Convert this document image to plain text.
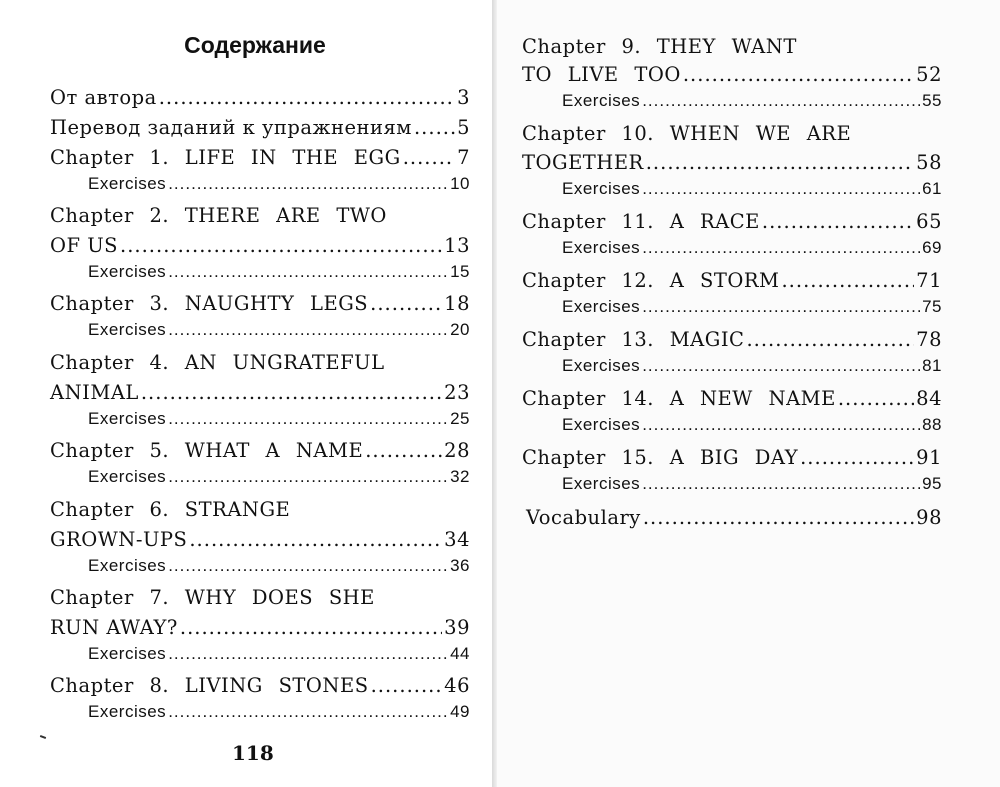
Содержание
От автора .....	3
Перевод заданий к упражнениям ..... 5
Chapter 1. LIFE IN THE EGG .....	7
Exercises .....	10
Chapter 2. THERE ARE TWO
OF US .....	13
Exercises .....	15
Chapter 3. NAUGHTY LEGS .....	18
Exercises .....	20
Chapter 4. AN UNGRATEFUL
ANIMAL .....	23
Exercises .....	25
Chapter 5. WHAT A NAME .....	28
Exercises .....	32
Chapter 6. STRANGE
GROWN-UPS .....	34
Exercises .....	36
Chapter 7. WHY DOES SHE
RUN AWAY? .....	39
Exercises .....	44
Chapter 8. LIVING STONES .....	46
Exercises .....	49
118
Chapter 9. THEY WANT
TO LIVE TOO .....	52
Exercises .....	55
Chapter 10. WHEN WE ARE
TOGETHER .....	58
Exercises .....	61
Chapter 11. A RACE .....	65
Exercises .....	69
Chapter 12. A STORM .....	71
Exercises .....	75
Chapter 13. MAGIC .....	78
Exercises .....	81
Chapter 14. A NEW NAME .....	84
Exercises .....	88
Chapter 15. A BIG DAY .....	91
Exercises .....	95
Vocabulary .....	98
